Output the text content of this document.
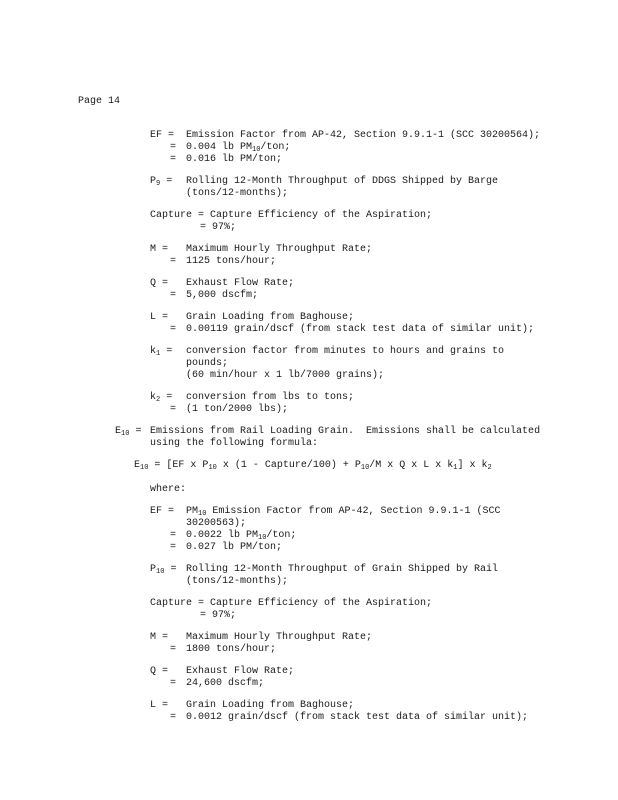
Page 14
EF = Emission Factor from AP-42, Section 9.9.1-1 (SCC 30200564);
= 0.004 lb $PM_{10}$/ton;
= 0.016 lb PM/ton;
$P_9$ = Rolling 12-Month Throughput of DDGS Shipped by Barge
(tons/12-months);
Capture = Capture Efficiency of the Aspiration;
= 97%;
M = Maximum Hourly Throughput Rate;
= 1125 tons/hour;
Q = Exhaust Flow Rate;
= 5,000 dscfm;
L = Grain Loading from Baghouse;
= 0.00119 grain/dscf (from stack test data of similar unit);
$k_1$ = conversion factor from minutes to hours and grains to
pounds;
(60 min/hour x 1 lb/7000 grains);
$k_2$ = conversion from lbs to tons;
= (1 ton/2000 lbs);
$E_{10}$ = Emissions from Rail Loading Grain.  Emissions shall be calculated
using the following formula:
$E_{10} = [EF$ x $P_{10}$ x (1 - Capture/100) + $P_{10}/M$ x Q x L x $k_1$] x $k_2$
where:
EF = $PM_{10}$ Emission Factor from AP-42, Section 9.9.1-1 (SCC
30200563);
= 0.0022 lb $PM_{10}$/ton;
= 0.027 lb PM/ton;
$P_{10}$ = Rolling 12-Month Throughput of Grain Shipped by Rail
(tons/12-months);
Capture = Capture Efficiency of the Aspiration;
= 97%;
M = Maximum Hourly Throughput Rate;
= 1800 tons/hour;
Q = Exhaust Flow Rate;
= 24,600 dscfm;
L = Grain Loading from Baghouse;
= 0.0012 grain/dscf (from stack test data of similar unit);
